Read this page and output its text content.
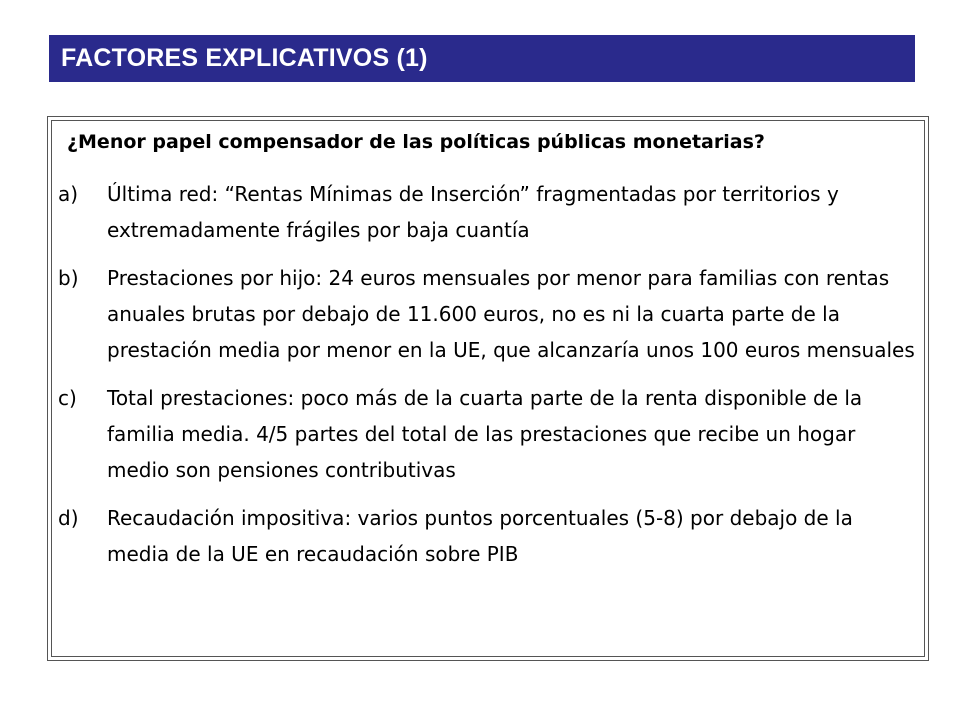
FACTORES EXPLICATIVOS (1)
¿Menor papel compensador de las políticas públicas monetarias?
a)	Última red: “Rentas Mínimas de Inserción” fragmentadas por territorios y extremadamente frágiles por baja cuantía
b)	Prestaciones por hijo: 24 euros mensuales por menor para familias con rentas anuales brutas por debajo de 11.600 euros, no es ni la cuarta parte de la prestación media por menor en la UE, que alcanzaría unos 100 euros mensuales
c)	Total prestaciones: poco más de la cuarta parte de la renta disponible de la familia media. 4/5 partes del total de las prestaciones que recibe un hogar medio son pensiones contributivas
d)	Recaudación impositiva: varios puntos porcentuales (5-8) por debajo de la media de la UE en recaudación sobre PIB
